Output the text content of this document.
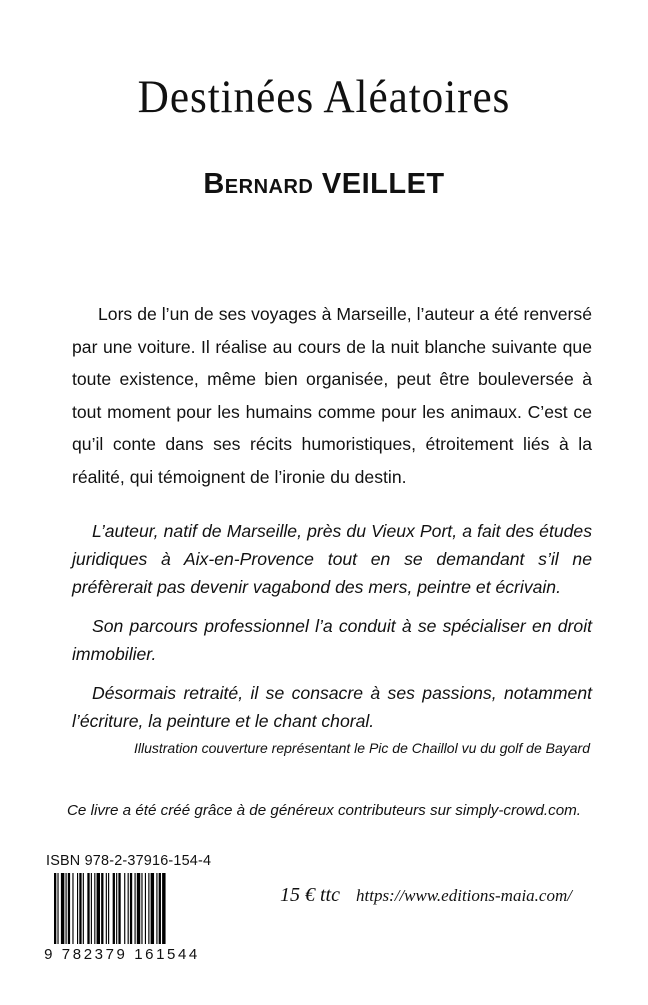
Destinées Aléatoires
Bernard VEILLET

Lors de l’un de ses voyages à Marseille, l’auteur a été renversé par une voiture. Il réalise au cours de la nuit blanche suivante que toute existence, même bien organisée, peut être bouleversée à tout moment pour les humains comme pour les animaux. C’est ce qu’il conte dans ses récits humoristiques, étroitement liés à la réalité, qui témoignent de l’ironie du destin.

L’auteur, natif de Marseille, près du Vieux Port, a fait des études juridiques à Aix-en-Provence tout en se demandant s’il ne préfèrerait pas devenir vagabond des mers, peintre et écrivain.

Son parcours professionnel l’a conduit à se spécialiser en droit immobilier.

Désormais retraité, il se consacre à ses passions, notamment l’écriture, la peinture et le chant choral.

Illustration couverture représentant le Pic de Chaillol vu du golf de Bayard
Ce livre a été créé grâce à de généreux contributeurs sur simply-crowd.com.
ISBN 978-2-37916-154-4
9 782379 161544
15 € ttc https://www.editions-maia.com/
